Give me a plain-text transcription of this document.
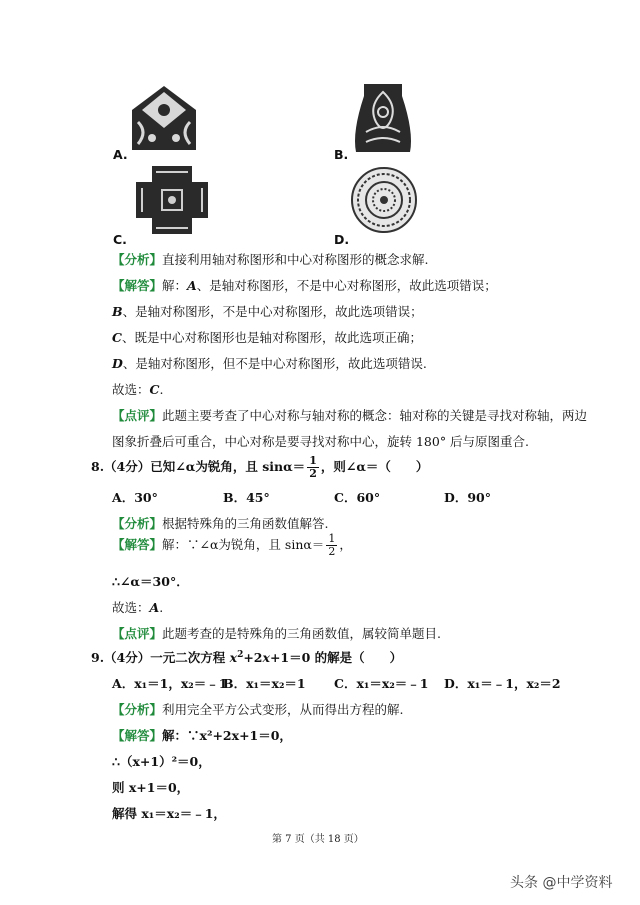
A.	B.
C.	D.
【分析】直接利用轴对称图形和中心对称图形的概念求解.
【解答】解：A、是轴对称图形，不是中心对称图形，故此选项错误；
B、是轴对称图形，不是中心对称图形，故此选项错误；
C、既是中心对称图形也是轴对称图形，故此选项正确；
D、是轴对称图形，但不是中心对称图形，故此选项错误.
故选：C.
【点评】此题主要考查了中心对称与轴对称的概念：轴对称的关键是寻找对称轴，两边
图象折叠后可重合，中心对称是要寻找对称中心，旋转 180° 后与原图重合.
8.（4分）已知∠α为锐角，且 $\sin\alpha= \frac{1}{2}$ ，则∠α＝（　　）
A．30°	B．45°	C．60°	D．90°
【分析】根据特殊角的三角函数值解答.
【解答】解：∵∠α为锐角，且 $\sin\alpha= \frac{1}{2}$ ，
∴∠α＝30°．
故选：A.
【点评】此题考查的是特殊角的三角函数值，属较简单题目.
9.（4分）一元二次方程 $x^2+2x+1=0$ 的解是（　　）
A．x₁＝1，x₂＝﹣1
B．x₁＝x₂＝1 C．x₁＝x₂＝﹣1 D．x₁＝﹣1，x₂＝2
【分析】利用完全平方公式变形，从而得出方程的解.
【解答】解：∵x²+2x+1＝0，
∴（x+1）²＝0，
则 x+1＝0，
解得 x₁＝x₂＝﹣1，
第 7 页（共 18 页）
头条 @中学资料
